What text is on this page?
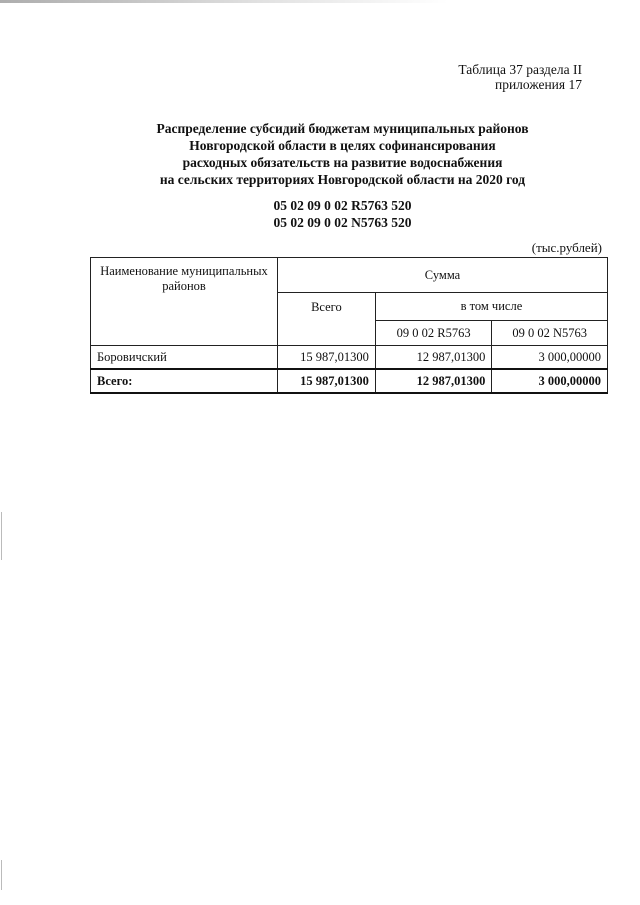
Таблица 37 раздела II
приложения 17
Распределение субсидий бюджетам муниципальных районов
Новгородской области в целях софинансирования
расходных обязательств на развитие водоснабжения
на сельских территориях Новгородской области на 2020 год
05 02 09 0 02 R5763 520
05 02 09 0 02 N5763 520
(тыс.рублей)
Наименование муниципальных районов	Сумма		
	Всего	в том числе	
		09 0 02 R5763	09 0 02 N5763
Боровичский	15 987,01300	12 987,01300	3 000,00000
Всего:	15 987,01300	12 987,01300	3 000,00000
